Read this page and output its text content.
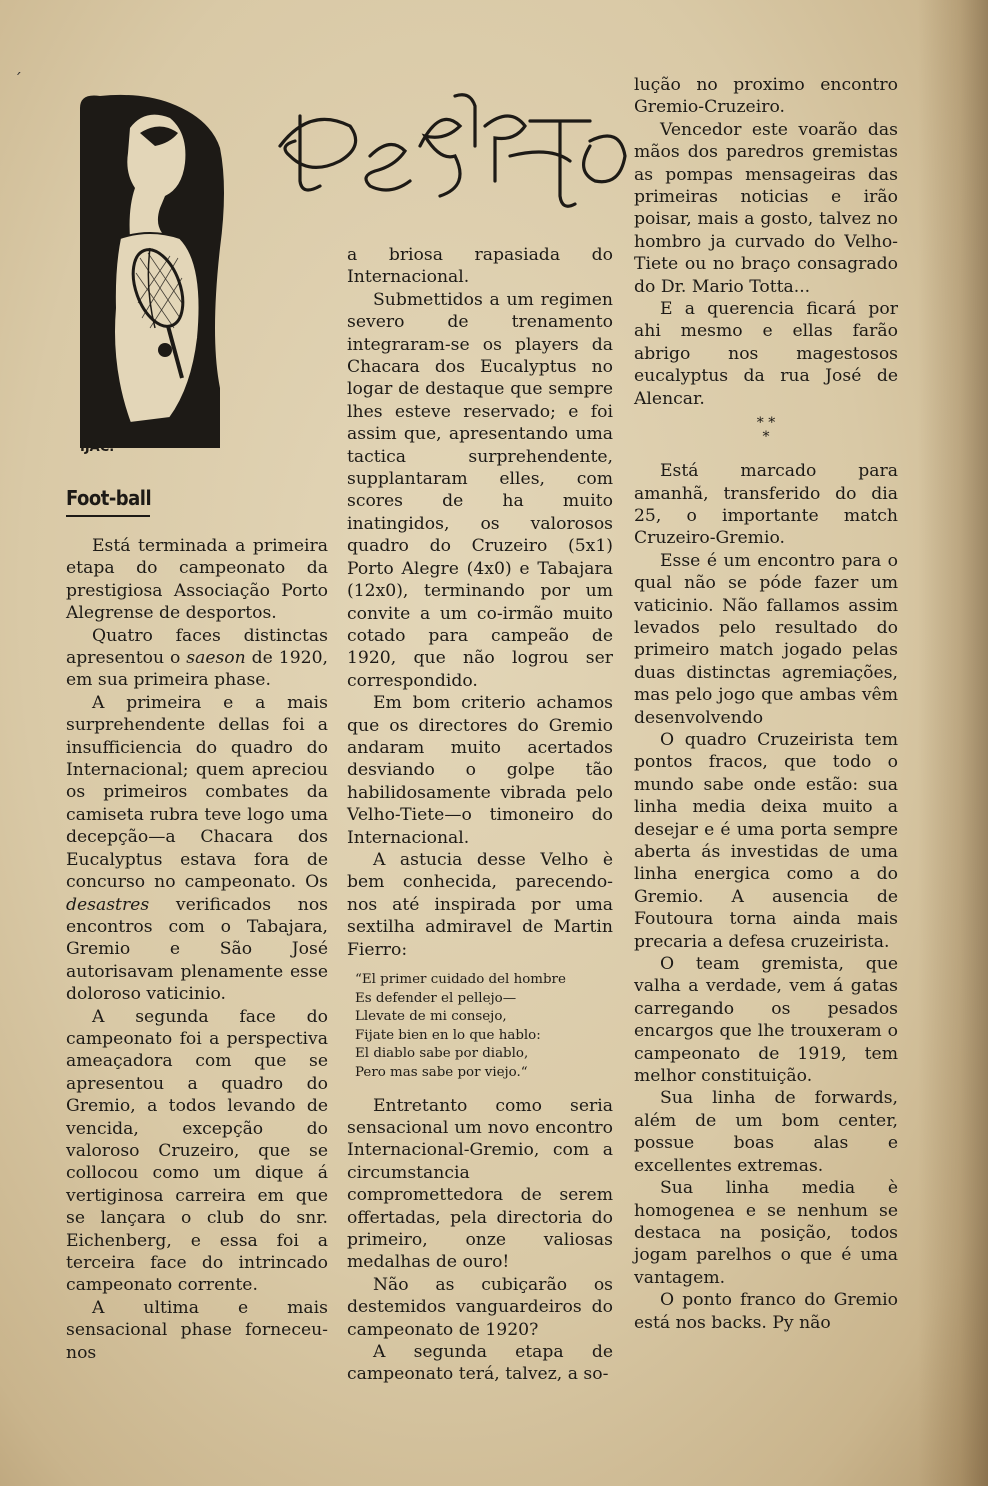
´
IJAC.
Foot-ball

Está terminada a primeira etapa do campeonato da prestigiosa Associação Porto Alegrense de desportos.

Quatro faces distinctas apresentou o saeson de 1920, em sua primeira phase.

A primeira e a mais surprehendente dellas foi a insufficiencia do quadro do Internacional; quem apreciou os primeiros combates da camiseta rubra teve logo uma decepção—a Chacara dos Eucalyptus estava fora de concurso no campeonato. Os desastres verificados nos encontros com o Tabajara, Gremio e São José autorisavam plenamente esse doloroso vaticinio.

A segunda face do campeonato foi a perspectiva ameaçadora com que se apresentou a quadro do Gremio, a todos levando de vencida, excepção do valoroso Cruzeiro, que se collocou como um dique á vertiginosa carreira em que se lançara o club do snr. Eichenberg, e essa foi a terceira face do intrincado campeonato corrente.

A ultima e mais sensacional phase forneceu-nos

a briosa rapasiada do Internacional.

Submettidos a um regimen severo de trenamento integraram-se os players da Chacara dos Eucalyptus no logar de destaque que sempre lhes esteve reservado; e foi assim que, apresentando uma tactica surprehendente, supplantaram elles, com scores de ha muito inatingidos, os valorosos quadro do Cruzeiro (5x1) Porto Alegre (4x0) e Tabajara (12x0), terminando por um convite a um co-irmão muito cotado para campeão de 1920, que não logrou ser correspondido.

Em bom criterio achamos que os directores do Gremio andaram muito acertados desviando o golpe tão habilidosamente vibrada pelo Velho-Tiete—o timoneiro do Internacional.

A astucia desse Velho è bem conhecida, parecendo-nos até inspirada por uma sextilha admiravel de Martin Fierro:

“El primer cuidado del hombre
Es defender el pellejo—
Llevate de mi consejo,
Fijate bien en lo que hablo:
El diablo sabe por diablo,
Pero mas sabe por viejo.“

Entretanto como seria sensacional um novo encontro Internacional-Gremio, com a circumstancia compromettedora de serem offertadas, pela directoria do primeiro, onze valiosas medalhas de ouro!

Não as cubiçarão os destemidos vanguardeiros do campeonato de 1920?

A segunda etapa de campeonato terá, talvez, a so-

lução no proximo encontro Gremio-Cruzeiro.

Vencedor este voarão das mãos dos paredros gremistas as pompas mensageiras das primeiras noticias e irão poisar, mais a gosto, talvez no hombro ja curvado do Velho-Tiete ou no braço consagrado do Dr. Mario Totta...

E a querencia ficará por ahi mesmo e ellas farão abrigo nos magestosos eucalyptus da rua José de Alencar.

* *
*

Está marcado para amanhã, transferido do dia 25, o importante match Cruzeiro-Gremio.

Esse é um encontro para o qual não se póde fazer um vaticinio. Não fallamos assim levados pelo resultado do primeiro match jogado pelas duas distinctas agremiações, mas pelo jogo que ambas vêm desenvolvendo

O quadro Cruzeirista tem pontos fracos, que todo o mundo sabe onde estão: sua linha media deixa muito a desejar e é uma porta sempre aberta ás investidas de uma linha energica como a do Gremio. A ausencia de Foutoura torna ainda mais precaria a defesa cruzeirista.

O team gremista, que valha a verdade, vem á gatas carregando os pesados encargos que lhe trouxeram o campeonato de 1919, tem melhor constituição.

Sua linha de forwards, além de um bom center, possue boas alas e excellentes extremas.

Sua linha media è homogenea e se nenhum se destaca na posição, todos jogam parelhos o que é uma vantagem.

O ponto franco do Gremio está nos backs. Py não
